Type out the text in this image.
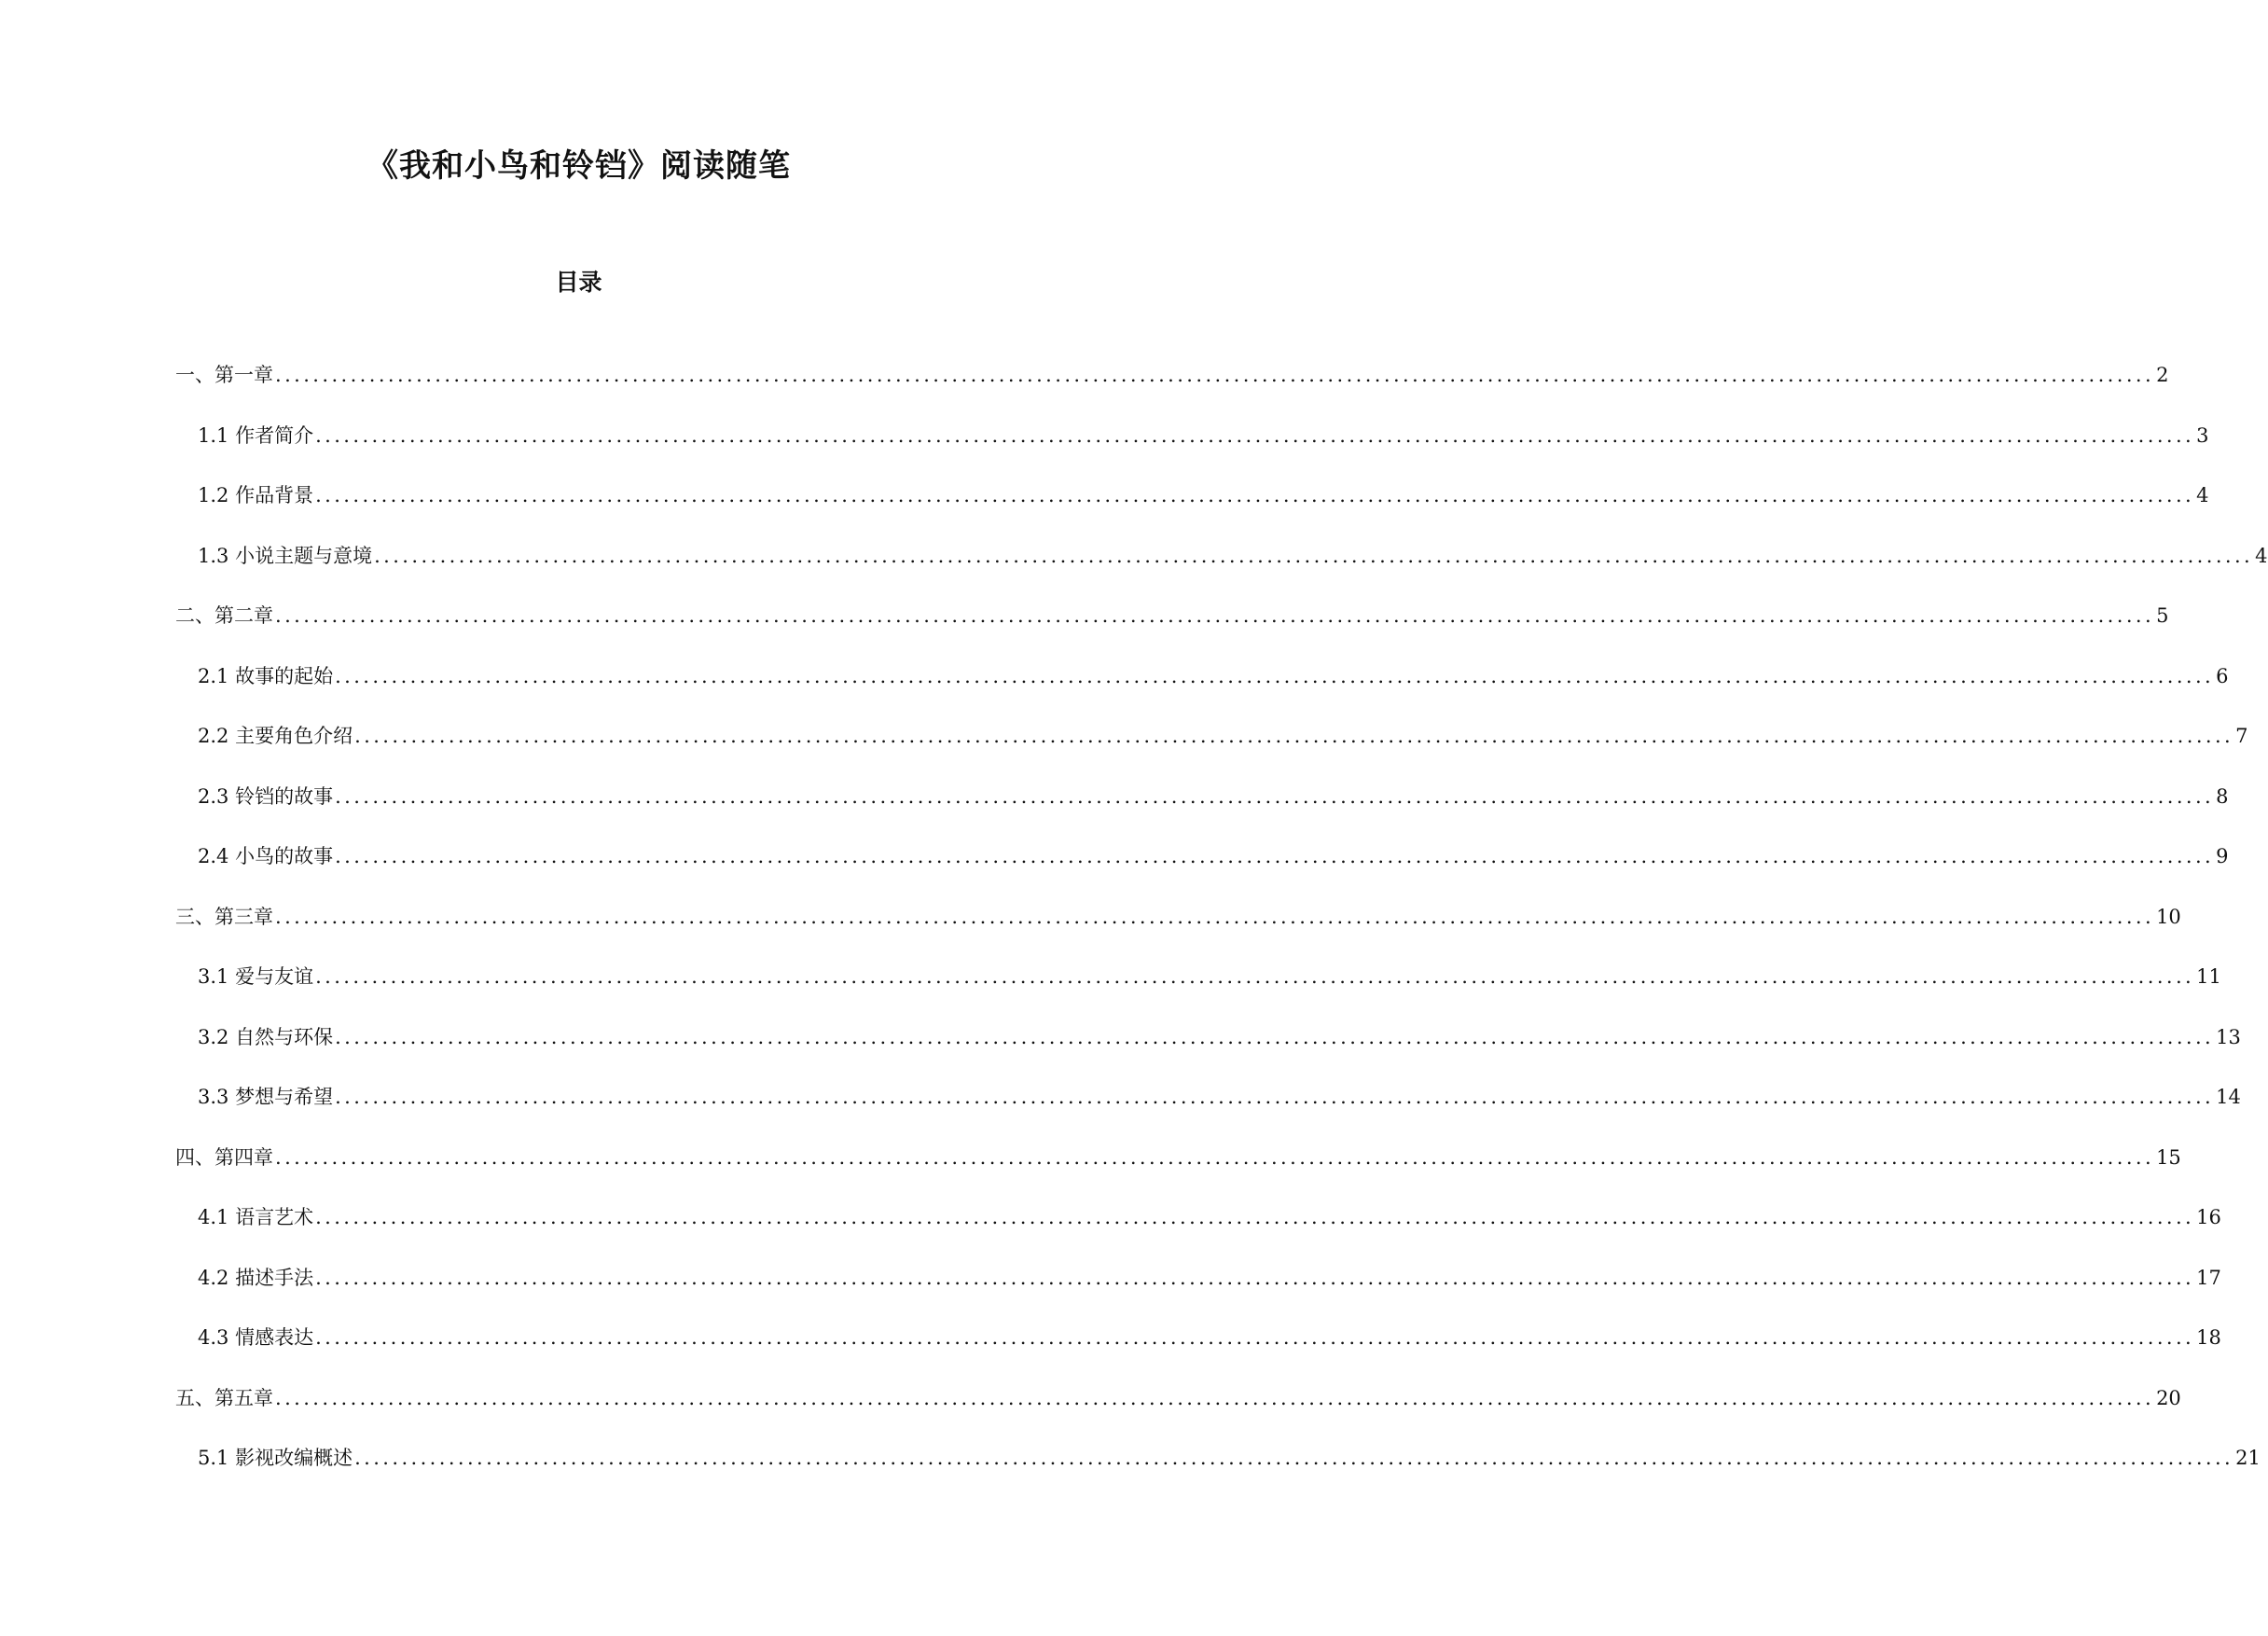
《我和小鸟和铃铛》阅读随笔
目录
一、第一章 ........................................................................................................................................................................................................ 2
1.1 作者简介 ........................................................................................................................................................................................................ 3
1.2 作品背景 ........................................................................................................................................................................................................ 4
1.3 小说主题与意境 ........................................................................................................................................................................................................ 4
二、第二章 ........................................................................................................................................................................................................ 5
2.1 故事的起始 ........................................................................................................................................................................................................ 6
2.2 主要角色介绍 ........................................................................................................................................................................................................ 7
2.3 铃铛的故事 ........................................................................................................................................................................................................ 8
2.4 小鸟的故事 ........................................................................................................................................................................................................ 9
三、第三章 ........................................................................................................................................................................................................ 10
3.1 爱与友谊 ........................................................................................................................................................................................................ 11
3.2 自然与环保 ........................................................................................................................................................................................................ 13
3.3 梦想与希望 ........................................................................................................................................................................................................ 14
四、第四章 ........................................................................................................................................................................................................ 15
4.1 语言艺术 ........................................................................................................................................................................................................ 16
4.2 描述手法 ........................................................................................................................................................................................................ 17
4.3 情感表达 ........................................................................................................................................................................................................ 18
五、第五章 ........................................................................................................................................................................................................ 20
5.1 影视改编概述 ........................................................................................................................................................................................................ 21
